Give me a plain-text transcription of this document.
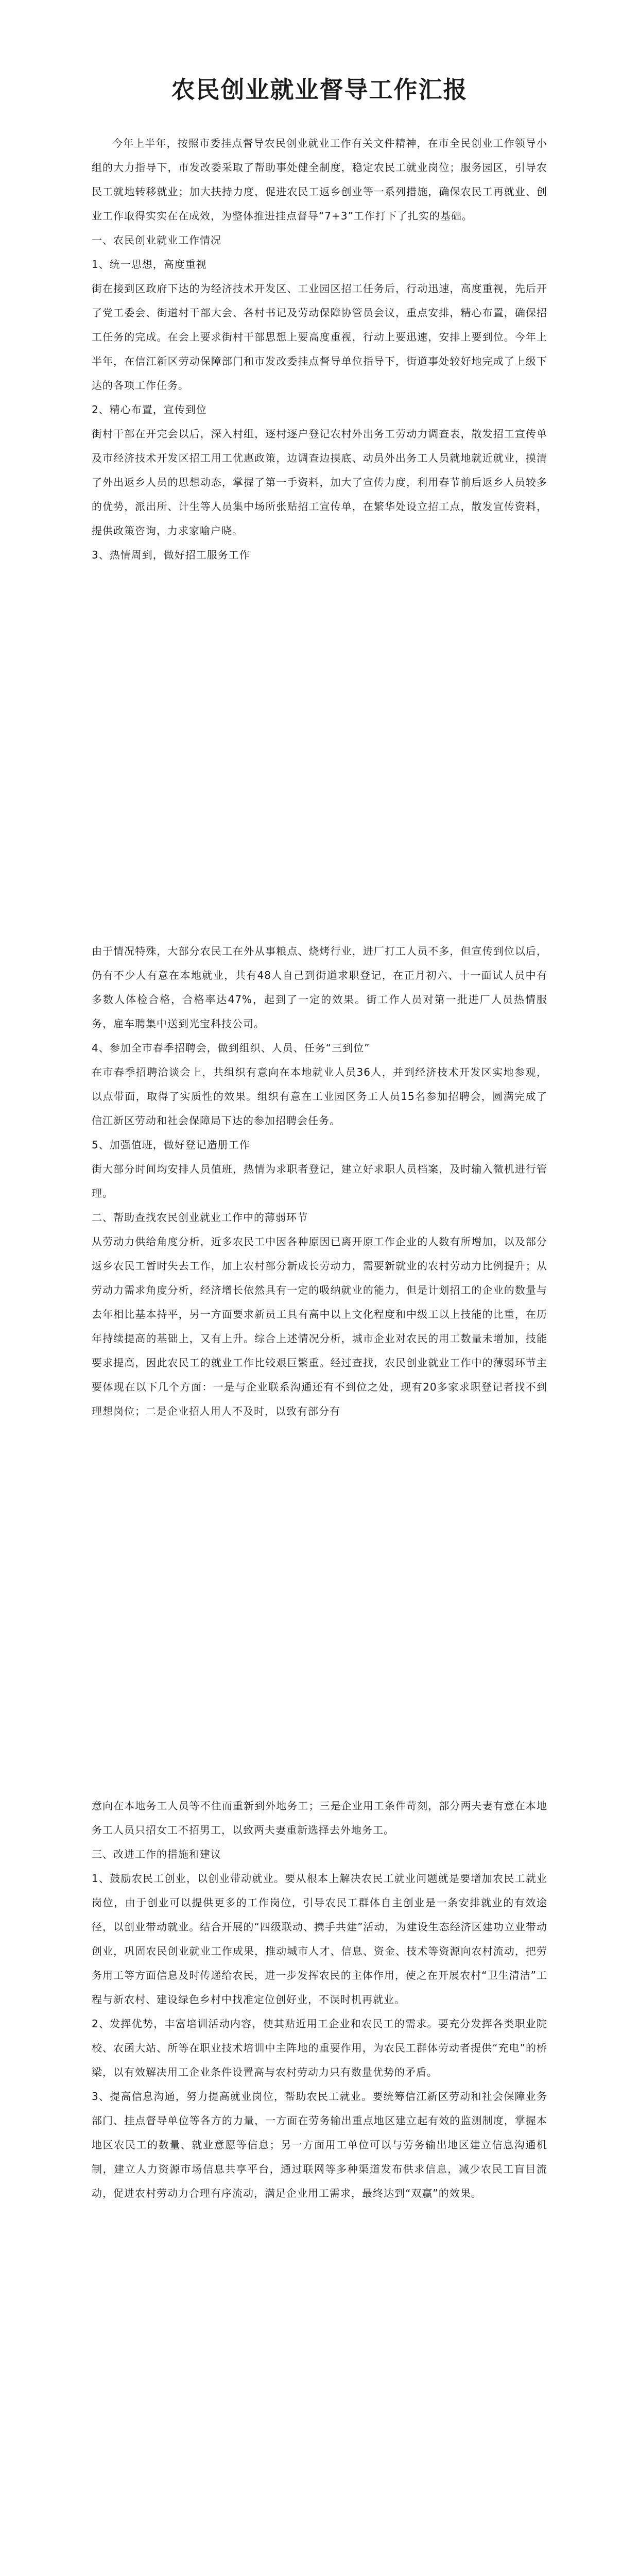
农民创业就业督导工作汇报

今年上半年，按照市委挂点督导农民创业就业工作有关文件精神，在市全民创业工作领导小组的大力指导下，市发改委采取了帮助事处健全制度，稳定农民工就业岗位；服务园区，引导农民工就地转移就业；加大扶持力度，促进农民工返乡创业等一系列措施，确保农民工再就业、创业工作取得实实在在成效，为整体推进挂点督导“7+3”工作打下了扎实的基础。

一、农民创业就业工作情况

1、统一思想，高度重视

街在接到区政府下达的为经济技术开发区、工业园区招工任务后，行动迅速，高度重视，先后开了党工委会、街道村干部大会、各村书记及劳动保障协管员会议，重点安排，精心布置，确保招工任务的完成。在会上要求街村干部思想上要高度重视，行动上要迅速，安排上要到位。今年上半年，在信江新区劳动保障部门和市发改委挂点督导单位指导下，街道事处较好地完成了上级下达的各项工作任务。

2、精心布置，宣传到位

街村干部在开完会以后，深入村组，逐村逐户登记农村外出务工劳动力调查表，散发招工宣传单及市经济技术开发区招工用工优惠政策，边调查边摸底、动员外出务工人员就地就近就业，摸清了外出返乡人员的思想动态，掌握了第一手资料，加大了宣传力度，利用春节前后返乡人员较多的优势，派出所、计生等人员集中场所张贴招工宣传单，在繁华处设立招工点，散发宣传资料，提供政策咨询，力求家喻户晓。

3、热情周到，做好招工服务工作

由于情况特殊，大部分农民工在外从事粮点、烧烤行业，进厂打工人员不多，但宣传到位以后，仍有不少人有意在本地就业，共有48人自己到街道求职登记，在正月初六、十一面试人员中有多数人体检合格，合格率达47%，起到了一定的效果。街工作人员对第一批进厂人员热情服务，雇车聘集中送到光宝科技公司。

4、参加全市春季招聘会，做到组织、人员、任务“三到位”

在市春季招聘洽谈会上，共组织有意向在本地就业人员36人，并到经济技术开发区实地参观，以点带面，取得了实质性的效果。组织有意在工业园区务工人员15名参加招聘会，圆满完成了信江新区劳动和社会保障局下达的参加招聘会任务。

5、加强值班，做好登记造册工作

街大部分时间均安排人员值班，热情为求职者登记，建立好求职人员档案，及时输入微机进行管理。

二、帮助查找农民创业就业工作中的薄弱环节

从劳动力供给角度分析，近多农民工中因各种原因已离开原工作企业的人数有所增加，以及部分返乡农民工暂时失去工作，加上农村部分新成长劳动力，需要新就业的农村劳动力比例提升；从劳动力需求角度分析，经济增长依然具有一定的吸纳就业的能力，但是计划招工的企业的数量与去年相比基本持平，另一方面要求新员工具有高中以上文化程度和中级工以上技能的比重，在历年持续提高的基础上，又有上升。综合上述情况分析，城市企业对农民的用工数量未增加，技能要求提高，因此农民工的就业工作比较艰巨繁重。经过查找，农民创业就业工作中的薄弱环节主要体现在以下几个方面：一是与企业联系沟通还有不到位之处，现有20多家求职登记者找不到理想岗位；二是企业招人用人不及时，以致有部分有

意向在本地务工人员等不住而重新到外地务工；三是企业用工条件苛刻，部分两夫妻有意在本地务工人员只招女工不招男工，以致两夫妻重新选择去外地务工。

三、改进工作的措施和建议

1、鼓励农民工创业，以创业带动就业。要从根本上解决农民工就业问题就是要增加农民工就业岗位，由于创业可以提供更多的工作岗位，引导农民工群体自主创业是一条安排就业的有效途径，以创业带动就业。结合开展的“四级联动、携手共建”活动，为建设生态经济区建功立业带动创业，巩固农民创业就业工作成果，推动城市人才、信息、资金、技术等资源向农村流动，把劳务用工等方面信息及时传递给农民，进一步发挥农民的主体作用，使之在开展农村“卫生清洁”工程与新农村、建设绿色乡村中找准定位创好业，不误时机再就业。

2、发挥优势，丰富培训活动内容，使其贴近用工企业和农民工的需求。要充分发挥各类职业院校、农函大站、所等在职业技术培训中主阵地的重要作用，为农民工群体劳动者提供“充电”的桥梁，以有效解决用工企业条件设置高与农村劳动力只有数量优势的矛盾。

3、提高信息沟通，努力提高就业岗位，帮助农民工就业。要统筹信江新区劳动和社会保障业务部门、挂点督导单位等各方的力量，一方面在劳务输出重点地区建立起有效的监测制度，掌握本地区农民工的数量、就业意愿等信息；另一方面用工单位可以与劳务输出地区建立信息沟通机制，建立人力资源市场信息共享平台，通过联网等多种渠道发布供求信息，减少农民工盲目流动，促进农村劳动力合理有序流动，满足企业用工需求，最终达到“双赢”的效果。
